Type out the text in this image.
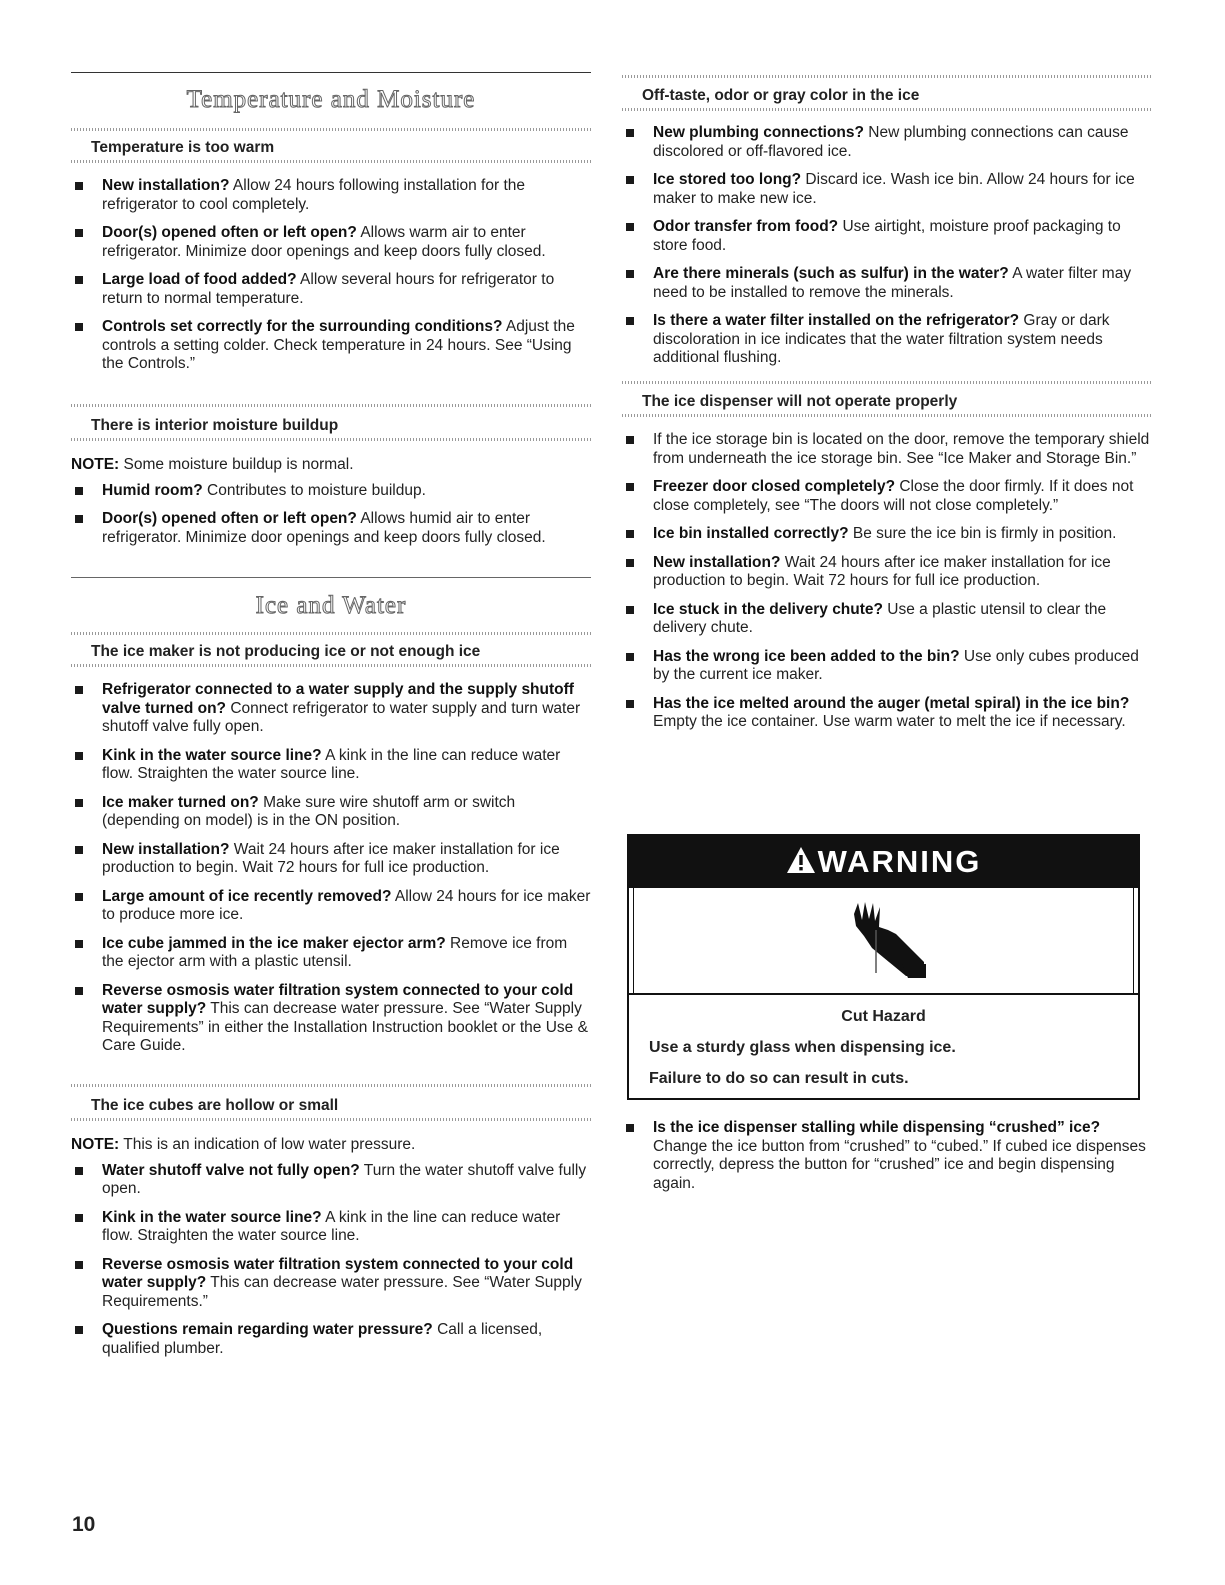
Temperature and Moisture
Temperature is too warm
New installation? Allow 24 hours following installation for the refrigerator to cool completely.
Door(s) opened often or left open? Allows warm air to enter refrigerator. Minimize door openings and keep doors fully closed.
Large load of food added? Allow several hours for refrigerator to return to normal temperature.
Controls set correctly for the surrounding conditions? Adjust the controls a setting colder. Check temperature in 24 hours. See “Using the Controls.”
There is interior moisture buildup
NOTE: Some moisture buildup is normal.
Humid room? Contributes to moisture buildup.
Door(s) opened often or left open? Allows humid air to enter refrigerator. Minimize door openings and keep doors fully closed.
Ice and Water
The ice maker is not producing ice or not enough ice
Refrigerator connected to a water supply and the supply shutoff valve turned on? Connect refrigerator to water supply and turn water shutoff valve fully open.
Kink in the water source line? A kink in the line can reduce water flow. Straighten the water source line.
Ice maker turned on? Make sure wire shutoff arm or switch (depending on model) is in the ON position.
New installation? Wait 24 hours after ice maker installation for ice production to begin. Wait 72 hours for full ice production.
Large amount of ice recently removed? Allow 24 hours for ice maker to produce more ice.
Ice cube jammed in the ice maker ejector arm? Remove ice from the ejector arm with a plastic utensil.
Reverse osmosis water filtration system connected to your cold water supply? This can decrease water pressure. See “Water Supply Requirements” in either the Installation Instruction booklet or the Use & Care Guide.
The ice cubes are hollow or small
NOTE: This is an indication of low water pressure.
Water shutoff valve not fully open? Turn the water shutoff valve fully open.
Kink in the water source line? A kink in the line can reduce water flow. Straighten the water source line.
Reverse osmosis water filtration system connected to your cold water supply? This can decrease water pressure. See “Water Supply Requirements.”
Questions remain regarding water pressure? Call a licensed, qualified plumber.
Off-taste, odor or gray color in the ice
New plumbing connections? New plumbing connections can cause discolored or off-flavored ice.
Ice stored too long? Discard ice. Wash ice bin. Allow 24 hours for ice maker to make new ice.
Odor transfer from food? Use airtight, moisture proof packaging to store food.
Are there minerals (such as sulfur) in the water? A water filter may need to be installed to remove the minerals.
Is there a water filter installed on the refrigerator? Gray or dark discoloration in ice indicates that the water filtration system needs additional flushing.
The ice dispenser will not operate properly
If the ice storage bin is located on the door, remove the temporary shield from underneath the ice storage bin. See “Ice Maker and Storage Bin.”
Freezer door closed completely? Close the door firmly. If it does not close completely, see “The doors will not close completely.”
Ice bin installed correctly? Be sure the ice bin is firmly in position.
New installation? Wait 24 hours after ice maker installation for ice production to begin. Wait 72 hours for full ice production.
Ice stuck in the delivery chute? Use a plastic utensil to clear the delivery chute.
Has the wrong ice been added to the bin? Use only cubes produced by the current ice maker.
Has the ice melted around the auger (metal spiral) in the ice bin? Empty the ice container. Use warm water to melt the ice if necessary.
Is the ice dispenser stalling while dispensing “crushed” ice? Change the ice button from “crushed” to “cubed.” If cubed ice dispenses correctly, depress the button for “crushed” ice and begin dispensing again.
WARNING
Cut Hazard
Use a sturdy glass when dispensing ice.
Failure to do so can result in cuts.
10
